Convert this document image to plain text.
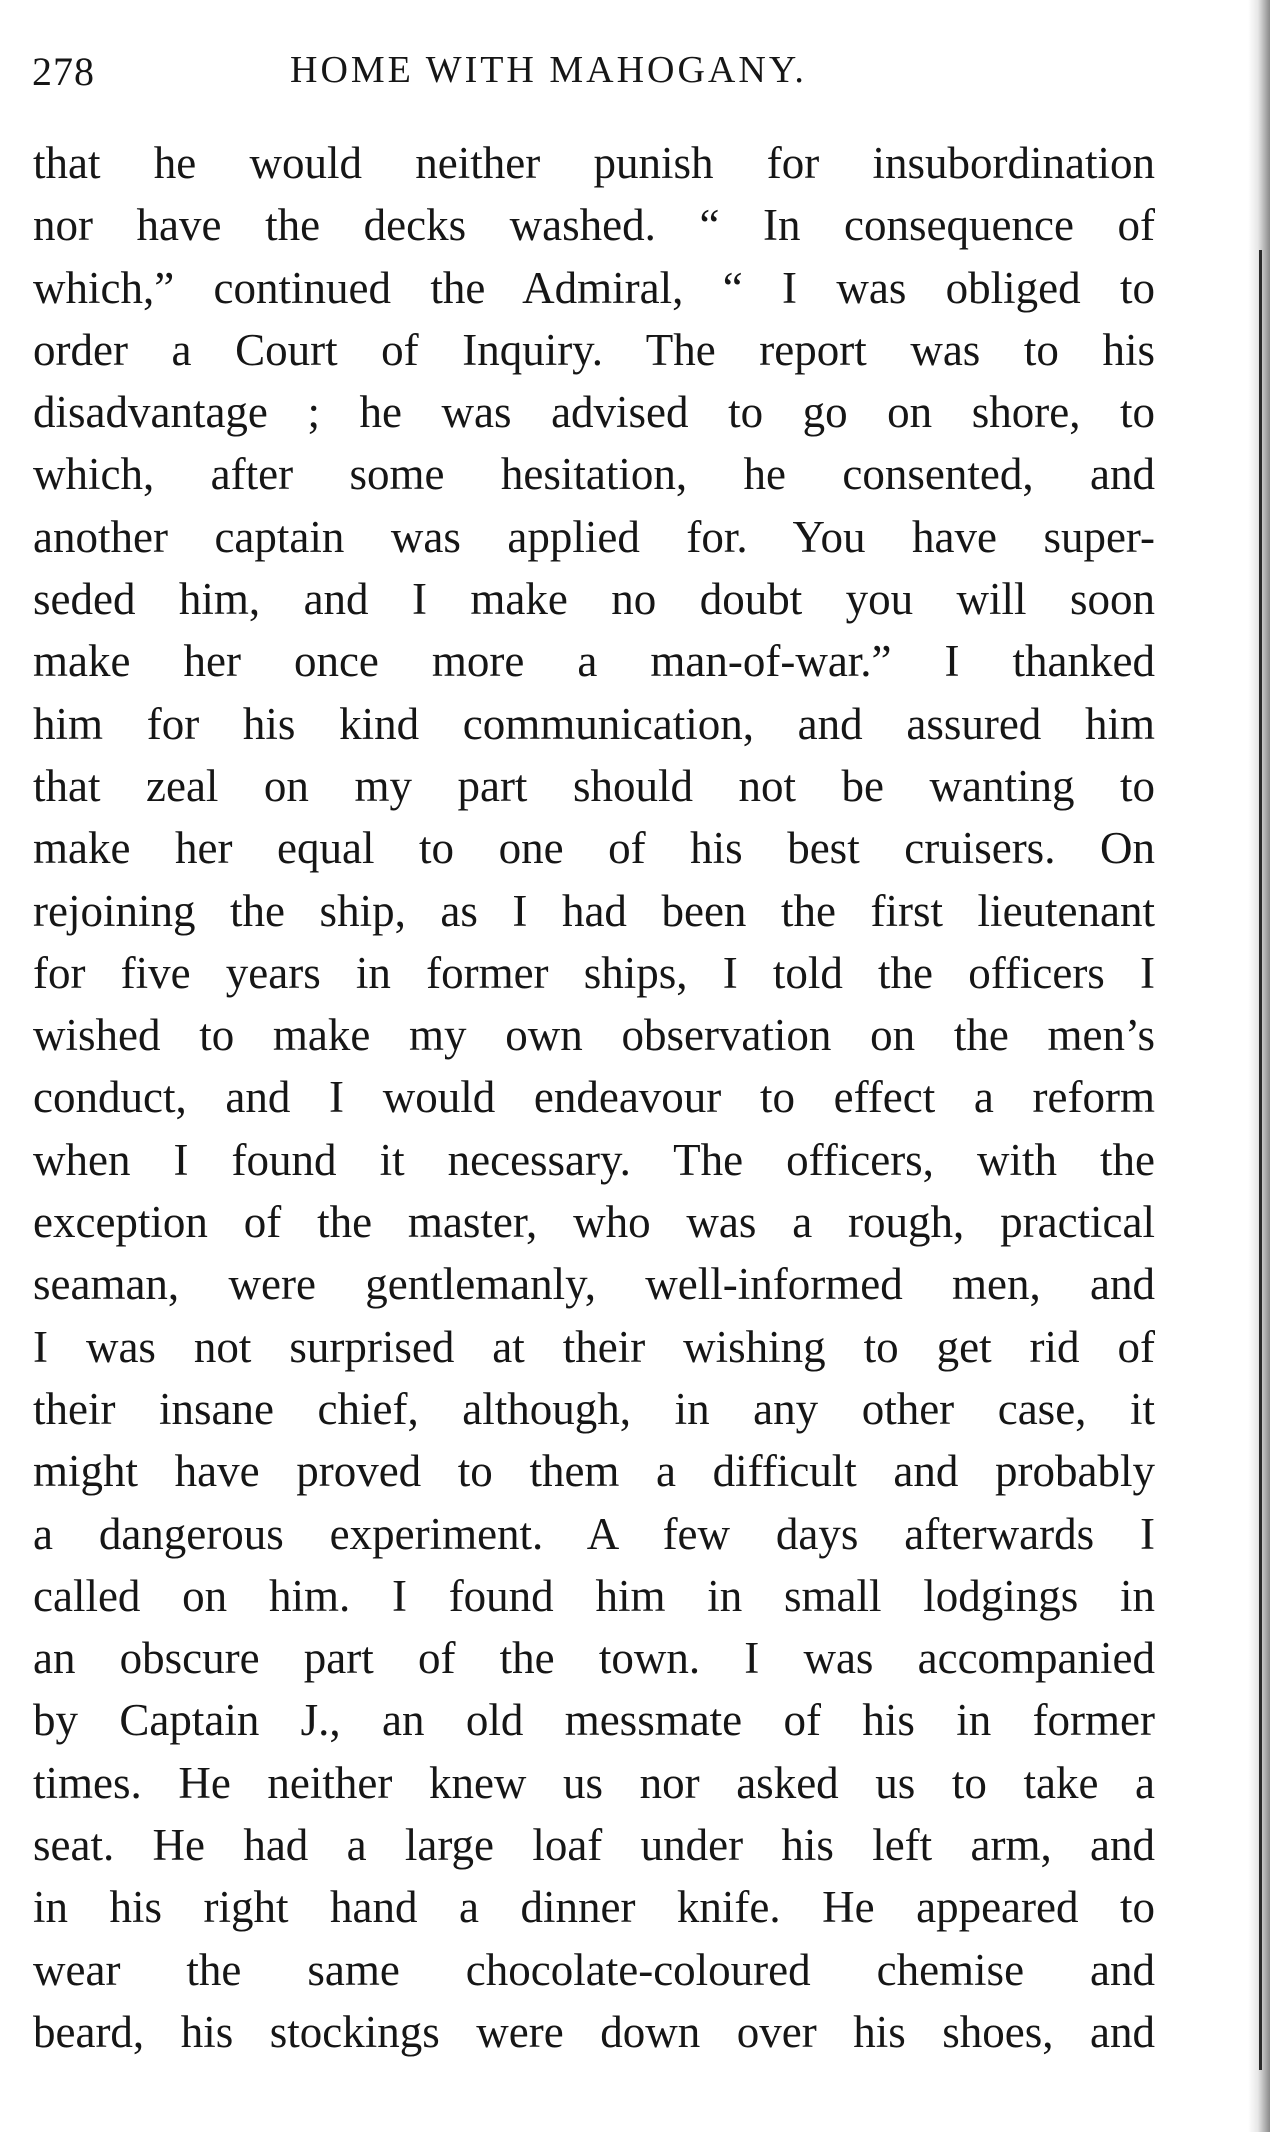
278	HOME WITH MAHOGANY.
that he would neither punish for insubordination
nor have the decks washed. “ In consequence of
which,” continued the Admiral, “ I was obliged to
order a Court of Inquiry. The report was to his
disadvantage ; he was advised to go on shore, to
which, after some hesitation, he consented, and
another captain was applied for. You have super-
seded him, and I make no doubt you will soon
make her once more a man-of-war.” I thanked
him for his kind communication, and assured him
that zeal on my part should not be wanting to
make her equal to one of his best cruisers. On
rejoining the ship, as I had been the first lieutenant
for five years in former ships, I told the officers I
wished to make my own observation on the men’s
conduct, and I would endeavour to effect a reform
when I found it necessary. The officers, with the
exception of the master, who was a rough, practical
seaman, were gentlemanly, well-informed men, and
I was not surprised at their wishing to get rid of
their insane chief, although, in any other case, it
might have proved to them a difficult and probably
a dangerous experiment. A few days afterwards I
called on him. I found him in small lodgings in
an obscure part of the town. I was accompanied
by Captain J., an old messmate of his in former
times. He neither knew us nor asked us to take a
seat. He had a large loaf under his left arm, and
in his right hand a dinner knife. He appeared to
wear the same chocolate-coloured chemise and
beard, his stockings were down over his shoes, and
